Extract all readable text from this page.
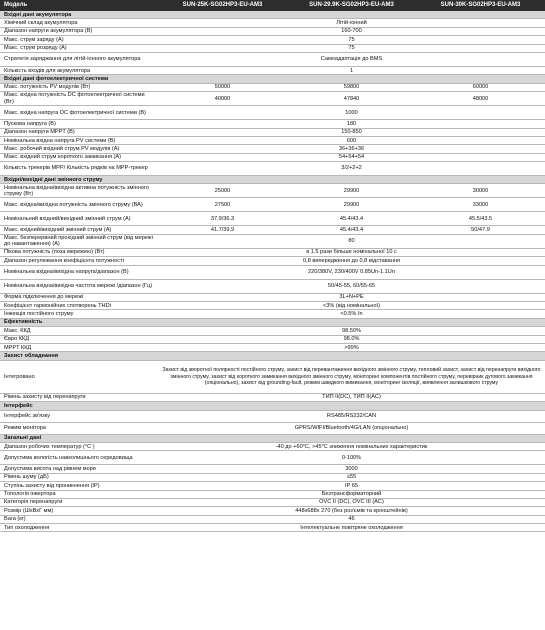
Модель	SUN-25K-SG02HP3-EU-AM3	SUN-29.9K-SG02HP3-EU-AM3	SUN-30K-SG02HP3-EU-AM3
Вхідні дані акумулятора			
Хімічний склад акумулятора	Літій-іонний		
Діапазон напруги акумулятора (В)	160-700		
Макс. струм заряду (А)	75		
Макс. струм розряду (А)	75		
Стратегія заряджання для літій-іонного акумулятора	Самоадаптація до BMS		
Кількість входів для акумулятора	1		
Вхідні дані фотоелектричної системи			
Макс. потужність PV модулів (Вт)	50000	59800	60000
Макс. вхідна потужність DC фотоелектричної системи (Вт)	40000	47840	48000
Макс. вхідна напруга DC фотоелектричної системи (В)	1000		
Пускова напруга (В)	180		
Діапазон напруги MPPT (В)	150-850		
Номінальна вхідна напруга PV системи (В)	600		
Макс. робочий вхідний струм PV модулів (А)	36+36+36		
Макс. вхідний струм короткого замикання (А)	54+54+54		
Кількість трекерів MPP/ Кількість рядків на MPP-трекер	3/2+2+2		
Вхідні/вихідні дані змінного струму			
Номінальна вхідна/вихідна активна потужність змінного струму (Вт)	25000	29900	30000
Макс. вхідна/вихідна потужність змінного струму (ВА)	27500	29900	33000
Номінальний вхідний/вихідний змінний струм (А)	37.9/36.3	45.4/43.4	45.5/43.5
Макс. вхідний/вихідний змінний струм (А)	41.7/39.9	45.4/43.4	50/47.9
Макс. безперервний прохідний змінний струм (від мережі до навантаження) (А)	80		
Пікова потужність (поза мережею) (Вт)	в 1.5 рази більше номінальної 10 с		
Діапазон регулювання коефіцієнта потужності	0,8 випередження до 0,8 відставання		
Номінальна вхідна/вихідна напруга/діапазон (В)	220/380V, 230/400V 0.85Un-1.1Un		
Номінальна вхідна/вихідна частота мережі /діапазон (Гц)	50/45-55, 60/55-65		
Форма підключення до мережі	3L+N+PE		
Коефіцієнт гармонійних спотворень THDi	<3% (від номінальної)		
Інжекція постійного струму	<0.5% In		
Ефективність			
Макс. ККД	98.50%		
Євро ККД	98.0%		
MPPT ККД	>99%		
Захист обладнання			
Інтегровано	Захист від зворотної полярності постійного струму, захист від перевантаження вихідного змінного струму, тепловий захист, захист від перенапруги вихідного змінного струму, захист від короткого замикання вихідного змінного струму, моніторинг компонентів постійного струму, перевірник дугового замикання (опціонально), захист від grounding-fault, режим швидкого вимикання, моніторинг ізоляції, виявлення залишкового струму		
Рівень захисту від перенапруги	ТИП II(DC), ТИП II(AC)		
Інтерфейс			
Інтерфейс зв'язку	RS485/RS232/CAN		
Режим монітора	GPRS/WIFI/Bluetooth/4G/LAN (опціонально)		
Загальні дані			
Діапазон робочих температур (°C )	-40 до +60°C, >45°C зниження номінальних характеристик		
Допустима вологість навколишнього середовища	0-100%		
Допустима висота над рівнем моря	3000		
Рівень шуму (дБ)	≤55		
Ступінь захисту від проникнення (IP)	IP 65		
Топологія інвертора	Безтрансформаторний		
Категорія перенапруги	OVC II (DC), OVC III (AC)		
Розмір (ШхВхГ мм)	448х688х 270 (без роз'ємів та кронштейнів)		
Вага (кг)	46		
Тип охолодження	Інтелектуальне повітряне охолодження		
